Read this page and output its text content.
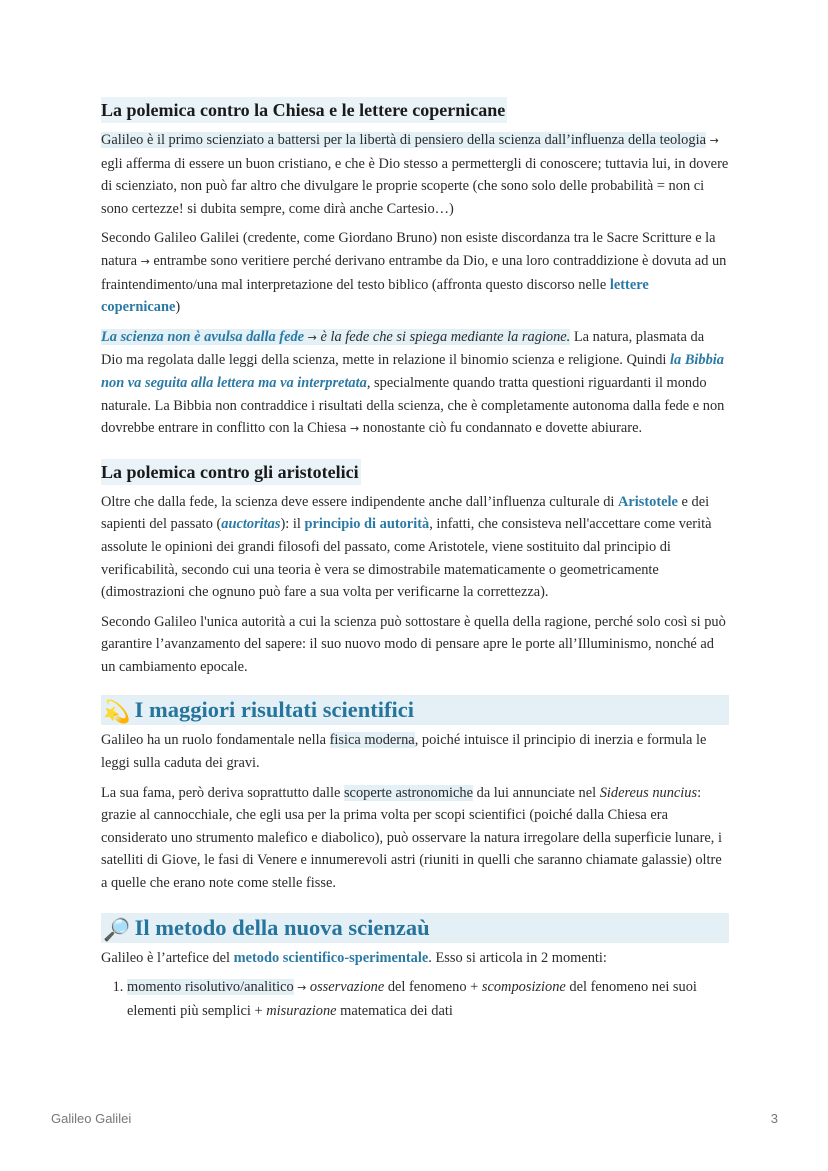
La polemica contro la Chiesa e le lettere copernicane

Galileo è il primo scienziato a battersi per la libertà di pensiero della scienza dall’influenza della teologia → egli afferma di essere un buon cristiano, e che è Dio stesso a permettergli di conoscere; tuttavia lui, in dovere di scienziato, non può far altro che divulgare le proprie scoperte (che sono solo delle probabilità = non ci sono certezze! si dubita sempre, come dirà anche Cartesio…)

Secondo Galileo Galilei (credente, come Giordano Bruno) non esiste discordanza tra le Sacre Scritture e la natura → entrambe sono veritiere perché derivano entrambe da Dio, e una loro contraddizione è dovuta ad un fraintendimento/una mal interpretazione del testo biblico (affronta questo discorso nelle lettere copernicane)

La scienza non è avulsa dalla fede → è la fede che si spiega mediante la ragione. La natura, plasmata da Dio ma regolata dalle leggi della scienza, mette in relazione il binomio scienza e religione. Quindi la Bibbia non va seguita alla lettera ma va interpretata, specialmente quando tratta questioni riguardanti il mondo naturale. La Bibbia non contraddice i risultati della scienza, che è completamente autonoma dalla fede e non dovrebbe entrare in conflitto con la Chiesa → nonostante ciò fu condannato e dovette abiurare.

La polemica contro gli aristotelici

Oltre che dalla fede, la scienza deve essere indipendente anche dall’influenza culturale di Aristotele e dei sapienti del passato (auctoritas): il principio di autorità, infatti, che consisteva nell'accettare come verità assolute le opinioni dei grandi filosofi del passato, come Aristotele, viene sostituito dal principio di verificabilità, secondo cui una teoria è vera se dimostrabile matematicamente o geometricamente (dimostrazioni che ognuno può fare a sua volta per verificarne la correttezza).

Secondo Galileo l'unica autorità a cui la scienza può sottostare è quella della ragione, perché solo così si può garantire l’avanzamento del sapere: il suo nuovo modo di pensare apre le porte all’Illuminismo, nonché ad un cambiamento epocale.

💫 I maggiori risultati scientifici

Galileo ha un ruolo fondamentale nella fisica moderna, poiché intuisce il principio di inerzia e formula le leggi sulla caduta dei gravi.

La sua fama, però deriva soprattutto dalle scoperte astronomiche da lui annunciate nel Sidereus nuncius: grazie al cannocchiale, che egli usa per la prima volta per scopi scientifici (poiché dalla Chiesa era considerato uno strumento malefico e diabolico), può osservare la natura irregolare della superficie lunare, i satelliti di Giove, le fasi di Venere e innumerevoli astri (riuniti in quelli che saranno chiamate galassie) oltre a quelle che erano note come stelle fisse.

🔎 Il metodo della nuova scienzaù

Galileo è l’artefice del metodo scientifico-sperimentale. Esso si articola in 2 momenti:

1. momento risolutivo/analitico → osservazione del fenomeno + scomposizione del fenomeno nei suoi elementi più semplici + misurazione matematica dei dati
Galileo Galilei	3
